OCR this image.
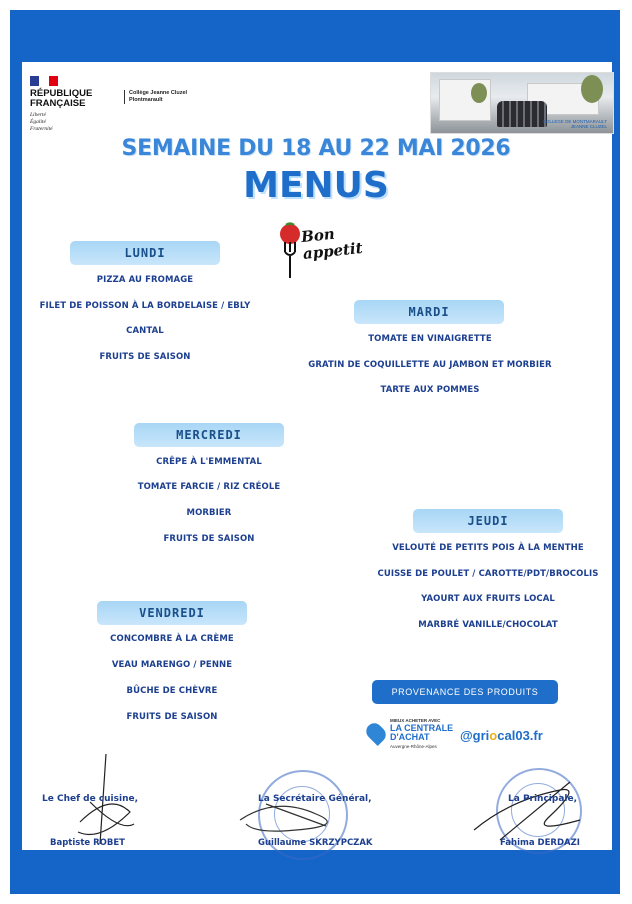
RÉPUBLIQUE
FRANÇAISE
Liberté
Égalité
Fraternité
Collège Jeanne Cluzel
Plontmarault
COLLEGE DE MONTMARAULT
JEANNE CLUZEL
SEMAINE DU 18 AU 22 MAI 2026
MENUS
Bon
appetit
LUNDI
PIZZA AU FROMAGE
FILET DE POISSON À LA BORDELAISE / EBLY
CANTAL
FRUITS DE SAISON
MARDI
TOMATE EN VINAIGRETTE
GRATIN DE COQUILLETTE AU JAMBON ET MORBIER
TARTE AUX POMMES
MERCREDI
CRÊPE À L'EMMENTAL
TOMATE FARCIE / RIZ CRÉOLE
MORBIER
FRUITS DE SAISON
JEUDI
VELOUTÉ DE PETITS POIS À LA MENTHE
CUISSE DE POULET / CAROTTE/PDT/BROCOLIS
YAOURT AUX FRUITS LOCAL
MARBRÉ VANILLE/CHOCOLAT
VENDREDI
CONCOMBRE À LA CRÈME
VEAU MARENGO / PENNE
BÛCHE DE CHÈVRE
FRUITS DE SAISON
PROVENANCE DES PRODUITS
MIEUX ACHETER AVEC
LA CENTRALE
D'ACHAT
Auvergne-Rhône-Alpes
@griocal03.fr
Le Chef de cuisine,
Baptiste ROBET
La Secrétaire Général,
Guillaume SKRZYPCZAK
La Principale,
Fahima DERDAZI
